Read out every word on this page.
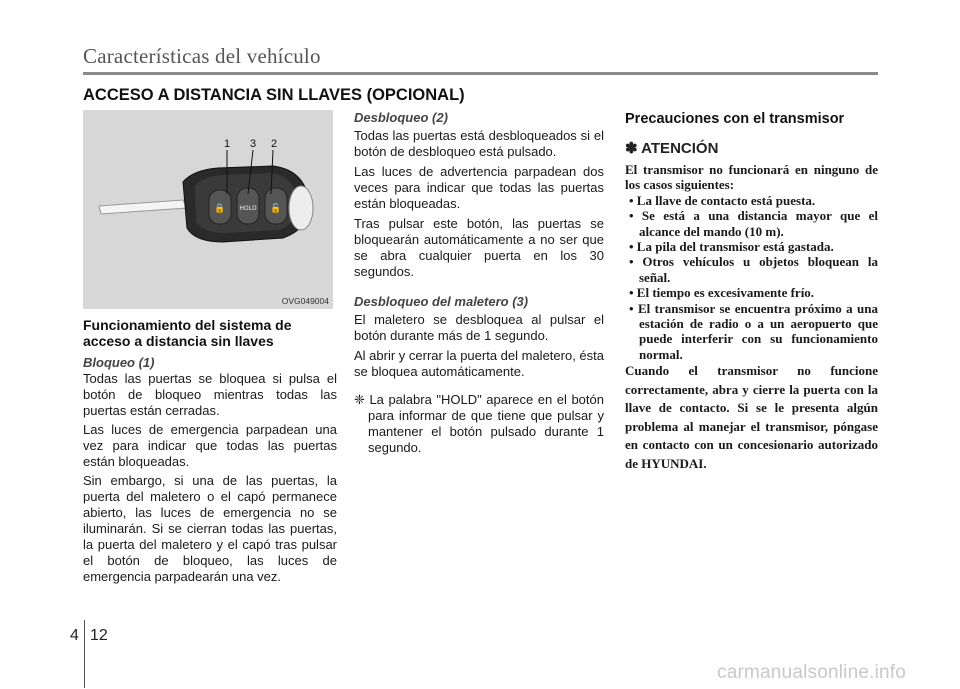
Características del vehículo
ACCESO A DISTANCIA SIN LLAVES (OPCIONAL)
🔒	🔓
HOLD
1 3 2
OVG049004
Funcionamiento del sistema de acceso a distancia sin llaves
Bloqueo (1)

Todas las puertas se bloquea si pulsa el botón de bloqueo mientras todas las puertas están cerradas.

Las luces de emergencia parpadean una vez para indicar que todas las puertas están bloqueadas.

Sin embargo, si una de las puertas, la puerta del maletero o el capó permanece abierto, las luces de emergencia no se iluminarán. Si se cierran todas las puertas, la puerta del maletero y el capó tras pulsar el botón de bloqueo, las luces de emergencia parpadearán una vez.

Desbloqueo (2)

Todas las puertas está desbloqueados si el botón de desbloqueo está pulsado.

Las luces de advertencia parpadean dos veces para indicar que todas las puertas están bloqueadas.

Tras pulsar este botón, las puertas se bloquearán automáticamente a no ser que se abra cualquier puerta en los 30 segundos.

Desbloqueo del maletero (3)

El maletero se desbloquea al pulsar el botón durante más de 1 segundo.

Al abrir y cerrar la puerta del maletero, ésta se bloquea automáticamente.

❈ La palabra "HOLD" aparece en el botón para informar de que tiene que pulsar y mantener el botón pulsado durante 1 segundo.
Precauciones con el transmisor
✽ ATENCIÓN
El transmisor no funcionará en ninguno de los casos siguientes:
• La llave de contacto está puesta.
• Se está a una distancia mayor que el alcance del mando (10 m).
• La pila del transmisor está gastada.
• Otros vehículos u objetos bloquean la señal.
• El tiempo es excesivamente frío.
• El transmisor se encuentra próximo a una estación de radio o a un aeropuerto que puede interferir con su funcionamiento normal.
Cuando el transmisor no funcione correctamente, abra y cierre la puerta con la llave de contacto. Si se le presenta algún problema al manejar el transmisor, póngase en contacto con un concesionario autorizado de HYUNDAI.
4 12
carmanualsonline.info
